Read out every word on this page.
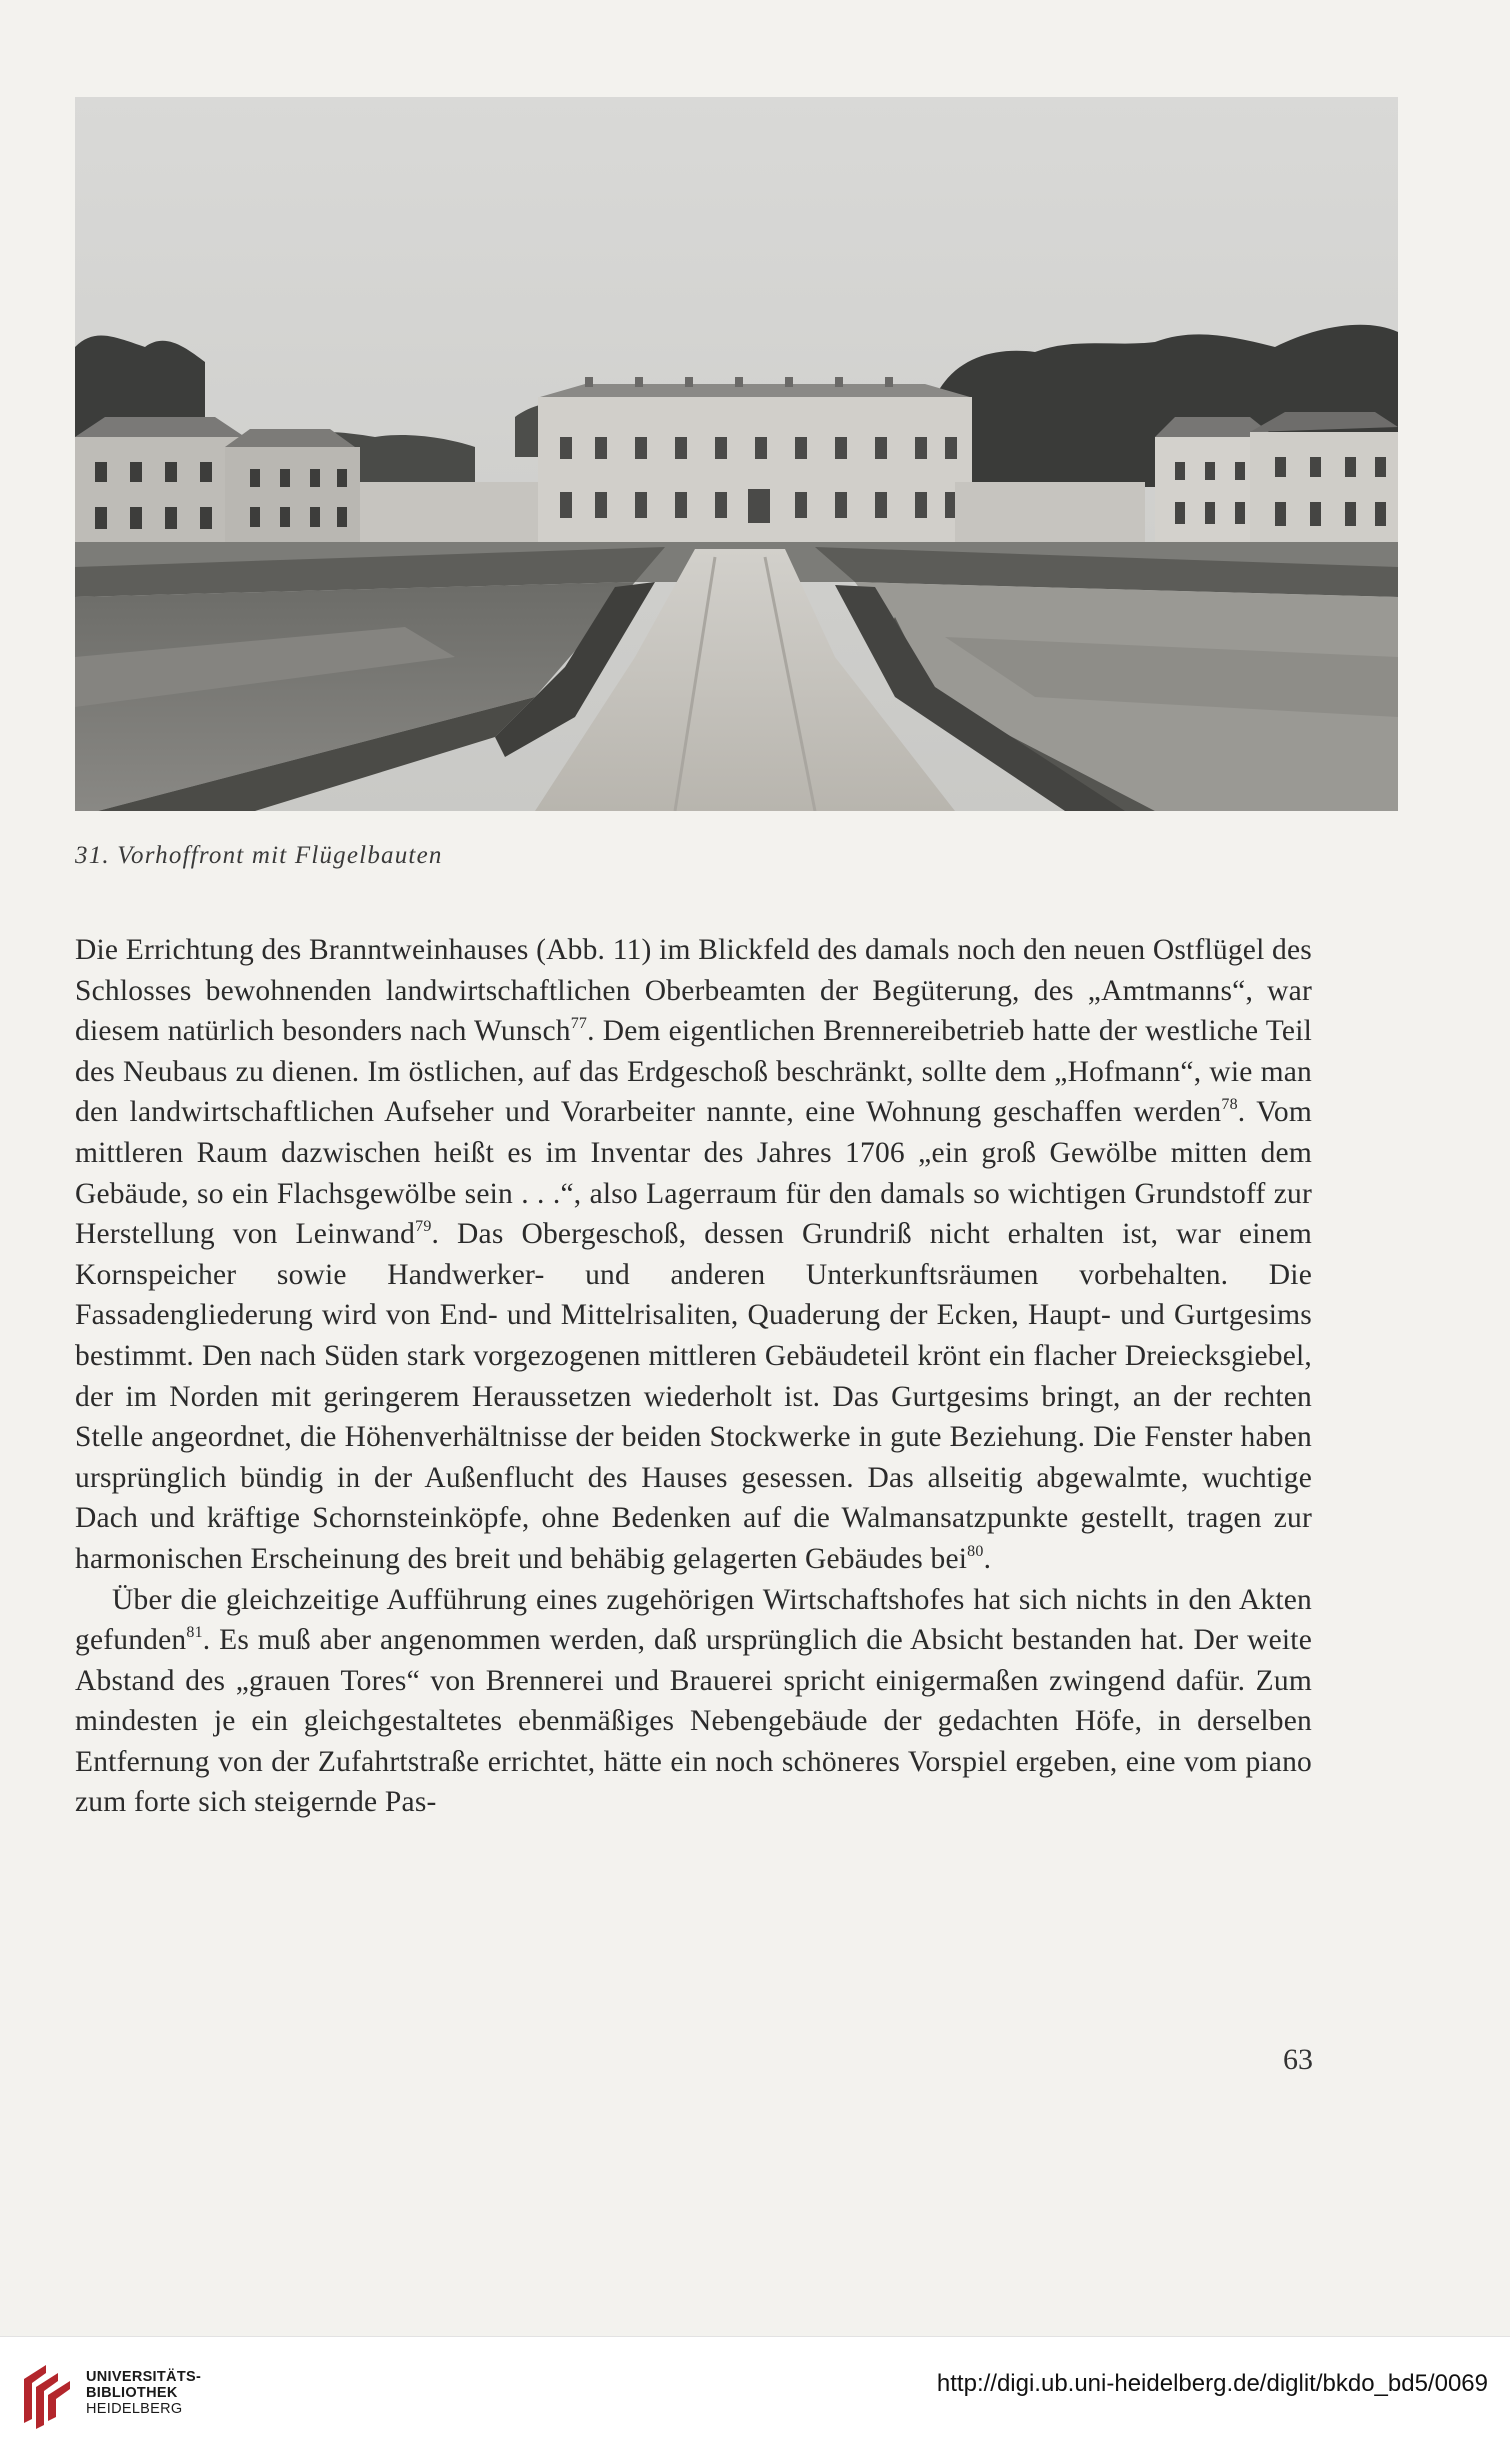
31. Vorhoffront mit Flügelbauten

Die Errichtung des Branntweinhauses (Abb. 11) im Blickfeld des damals noch den neuen Ostflügel des Schlosses bewohnenden landwirtschaftlichen Oberbeamten der Begüterung, des „Amtmanns“, war diesem natürlich besonders nach Wunsch$^{77}$. Dem eigentlichen Brennereibetrieb hatte der westliche Teil des Neubaus zu dienen. Im östlichen, auf das Erdgeschoß beschränkt, sollte dem „Hofmann“, wie man den landwirtschaftlichen Aufseher und Vorarbeiter nannte, eine Wohnung geschaffen werden$^{78}$. Vom mittleren Raum dazwischen heißt es im Inventar des Jahres 1706 „ein groß Gewölbe mitten dem Gebäude, so ein Flachsgewölbe sein . . .“, also Lagerraum für den damals so wichtigen Grundstoff zur Herstellung von Leinwand$^{79}$. Das Obergeschoß, dessen Grundriß nicht erhalten ist, war einem Kornspeicher sowie Handwerker- und anderen Unterkunftsräumen vorbehalten. Die Fassadengliederung wird von End- und Mittelrisaliten, Quaderung der Ecken, Haupt- und Gurtgesims bestimmt. Den nach Süden stark vorgezogenen mittleren Gebäudeteil krönt ein flacher Dreiecksgiebel, der im Norden mit geringerem Heraussetzen wiederholt ist. Das Gurtgesims bringt, an der rechten Stelle angeordnet, die Höhenverhältnisse der beiden Stockwerke in gute Beziehung. Die Fenster haben ursprünglich bündig in der Außenflucht des Hauses gesessen. Das allseitig abgewalmte, wuchtige Dach und kräftige Schornsteinköpfe, ohne Bedenken auf die Walmansatzpunkte gestellt, tragen zur harmonischen Erscheinung des breit und behäbig gelagerten Gebäudes bei$^{80}$.

Über die gleichzeitige Aufführung eines zugehörigen Wirtschaftshofes hat sich nichts in den Akten gefunden$^{81}$. Es muß aber angenommen werden, daß ursprünglich die Absicht bestanden hat. Der weite Abstand des „grauen Tores“ von Brennerei und Brauerei spricht einigermaßen zwingend dafür. Zum mindesten je ein gleichgestaltetes ebenmäßiges Nebengebäude der gedachten Höfe, in derselben Entfernung von der Zufahrtstraße errichtet, hätte ein noch schöneres Vorspiel ergeben, eine vom piano zum forte sich steigernde Pas-

63
UNIVERSITÄTS-
BIBLIOTHEK
HEIDELBERG
http://digi.ub.uni-heidelberg.de/diglit/bkdo_bd5/0069
